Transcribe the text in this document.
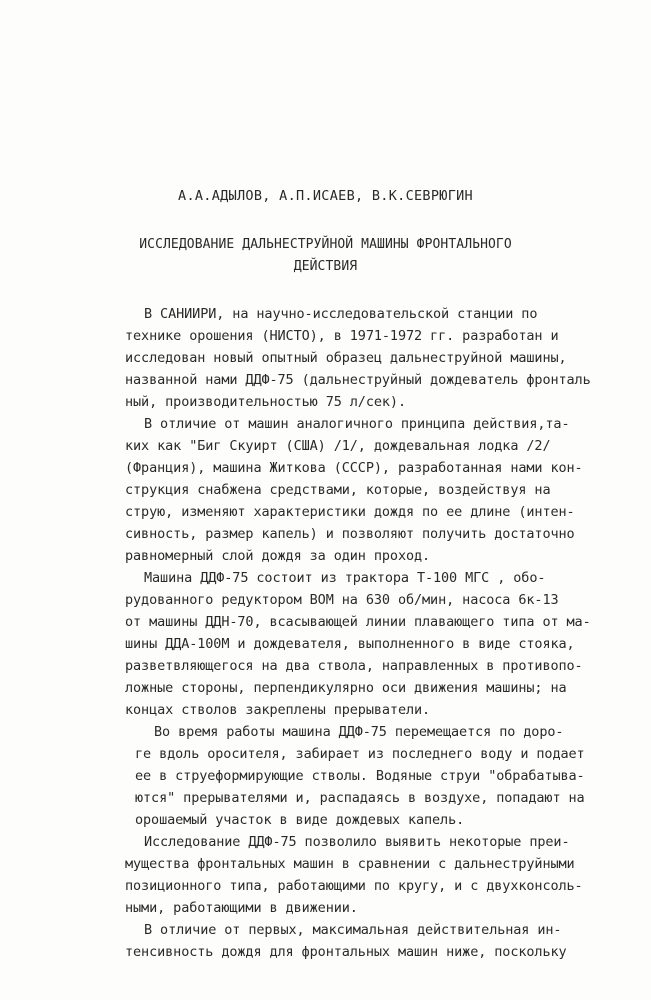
А.А.АДЫЛОВ, А.П.ИСАЕВ, В.К.СЕВРЮГИН
ИССЛЕДОВАНИЕ ДАЛЬНЕСТРУЙНОЙ МАШИНЫ ФРОНТАЛЬНОГО
ДЕЙСТВИЯ
В САНИИРИ, на научно-исследовательской станции по
технике орошения (НИСТО), в 1971-1972 гг. разработан и
исследован новый опытный образец дальнеструйной машины,
названной нами ДДФ-75 (дальнеструйный дождеватель фронталь
ный, производительностью 75 л/сек).
В отличие от машин аналогичного принципа действия,та-
ких как "Биг Скуирт (США) /1/, дождевальная лодка /2/
(Франция), машина Житкова (СССР), разработанная нами кон-
струкция снабжена средствами, которые, воздействуя на
струю, изменяют характеристики дождя по ее длине (интен-
сивность, размер капель) и позволяют получить достаточно
равномерный слой дождя за один проход.
Машина ДДФ-75 состоит из трактора Т-100 МГС , обо-
рудованного редуктором ВОМ на 630 об/мин, насоса 6к-13
от машины ДДН-70, всасывающей линии плавающего типа от ма-
шины ДДА-100М и дождевателя, выполненного в виде стояка,
разветвляющегося на два ствола, направленных в противопо-
ложные стороны, перпендикулярно оси движения машины; на
концах стволов закреплены прерыватели.
Во время работы машина ДДФ-75 перемещается по дорo-
ге вдоль оросителя, забирает из последнего воду и подает
ее в струеформирующие стволы. Водяные струи "обрабатыва-
ются" прерывателями и, распадаясь в воздухе, попадают на
орошаемый участок в виде дождевых капель.
Исследование ДДФ-75 позволило выявить некоторые преи-
мущества фронтальных машин в сравнении с дальнеструйными
позиционного типа, работающими по кругу, и с двухконсоль-
ными, работающими в движении.
В отличие от первых, максимальная действительная ин-
тенсивность дождя для фронтальных машин ниже, поскольку
